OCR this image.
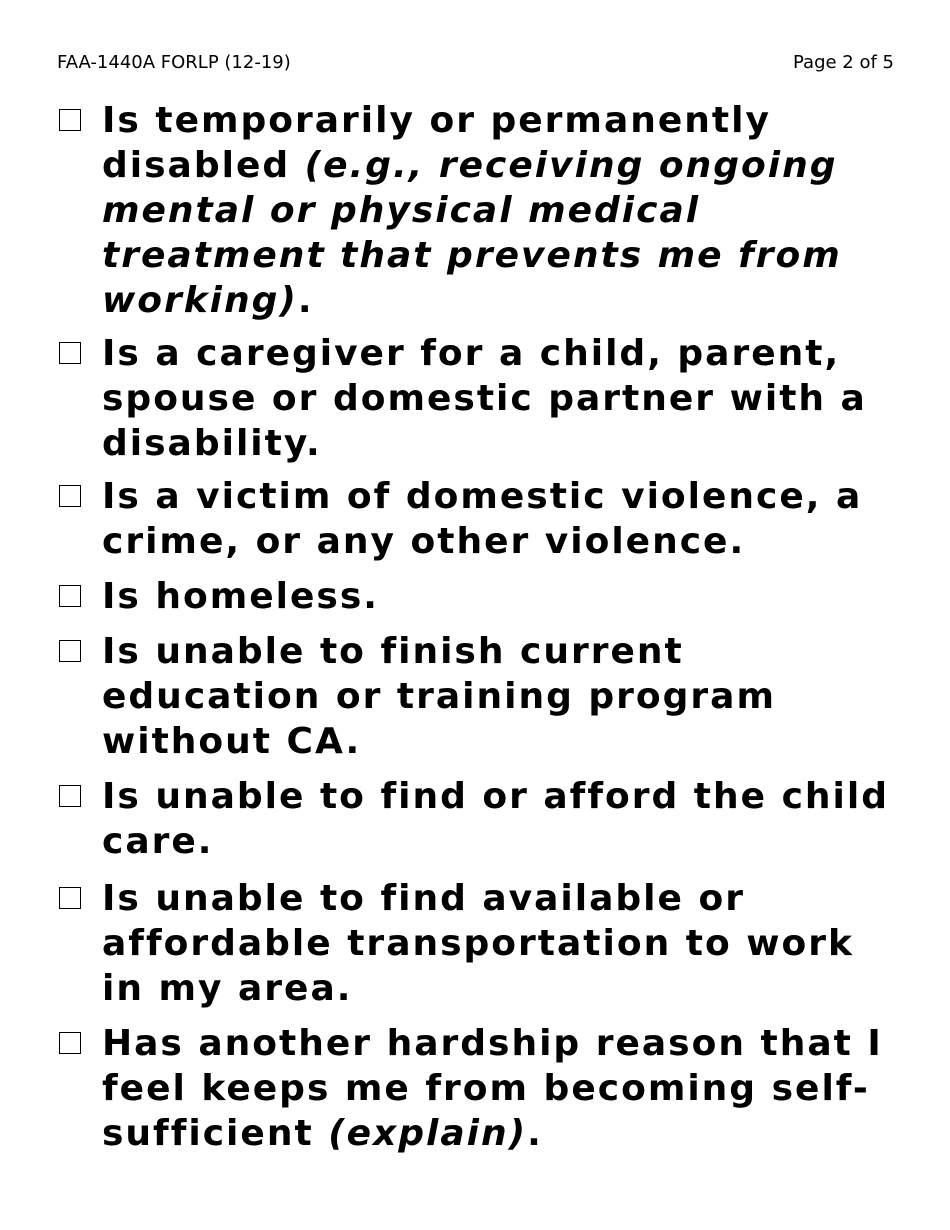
FAA-1440A FORLP (12-19)	Page 2 of 5
Is temporarily or permanently disabled (e.g., receiving ongoing mental or physical medical treatment that prevents me from working).
Is a caregiver for a child, parent, spouse or domestic partner with a disability.
Is a victim of domestic violence, a crime, or any other violence.
Is homeless.
Is unable to finish current education or training program without CA.
Is unable to find or afford the child care.
Is unable to find available or affordable transportation to work in my area.
Has another hardship reason that I feel keeps me from becoming self-sufficient (explain).
